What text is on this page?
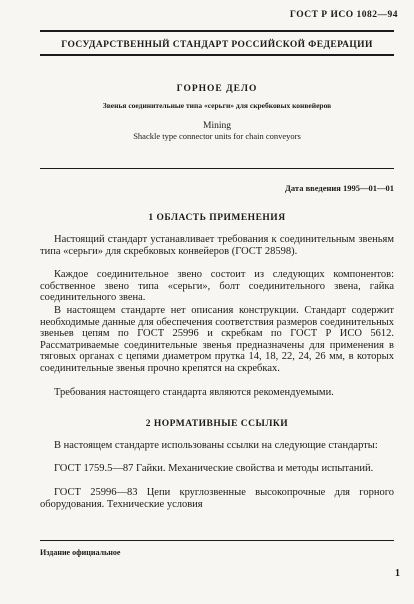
ГОСТ Р ИСО 1082—94
ГОСУДАРСТВЕННЫЙ СТАНДАРТ РОССИЙСКОЙ ФЕДЕРАЦИИ
ГОРНОЕ ДЕЛО
Звенья соединительные типа «серьги» для скребковых конвейеров
Mining
Shackle type connector units for chain conveyors
Дата введения 1995—01—01
1 ОБЛАСТЬ ПРИМЕНЕНИЯ

Настоящий стандарт устанавливает требования к соединительным звеньям типа «серьги» для скребковых конвейеров (ГОСТ 28598).

Каждое соединительное звено состоит из следующих компонентов: собственное звено типа «серьги», болт соединительного звена, гайка соединительного звена.

В настоящем стандарте нет описания конструкции. Стандарт содержит необходимые данные для обеспечения соответствия размеров соединительных звеньев цепям по ГОСТ 25996 и скребкам по ГОСТ Р ИСО 5612. Рассматриваемые соединительные звенья предназначены для применения в тяговых органах с цепями диаметром прутка 14, 18, 22, 24, 26 мм, в которых соединительные звенья прочно крепятся на скребках.

Требования настоящего стандарта являются рекомендуемыми.

2 НОРМАТИВНЫЕ ССЫЛКИ

В настоящем стандарте использованы ссылки на следующие стандарты:

ГОСТ 1759.5—87 Гайки. Механические свойства и методы испытаний.

ГОСТ 25996—83 Цепи круглозвенные высокопрочные для горного оборудования. Технические условия

Издание официальное
1
